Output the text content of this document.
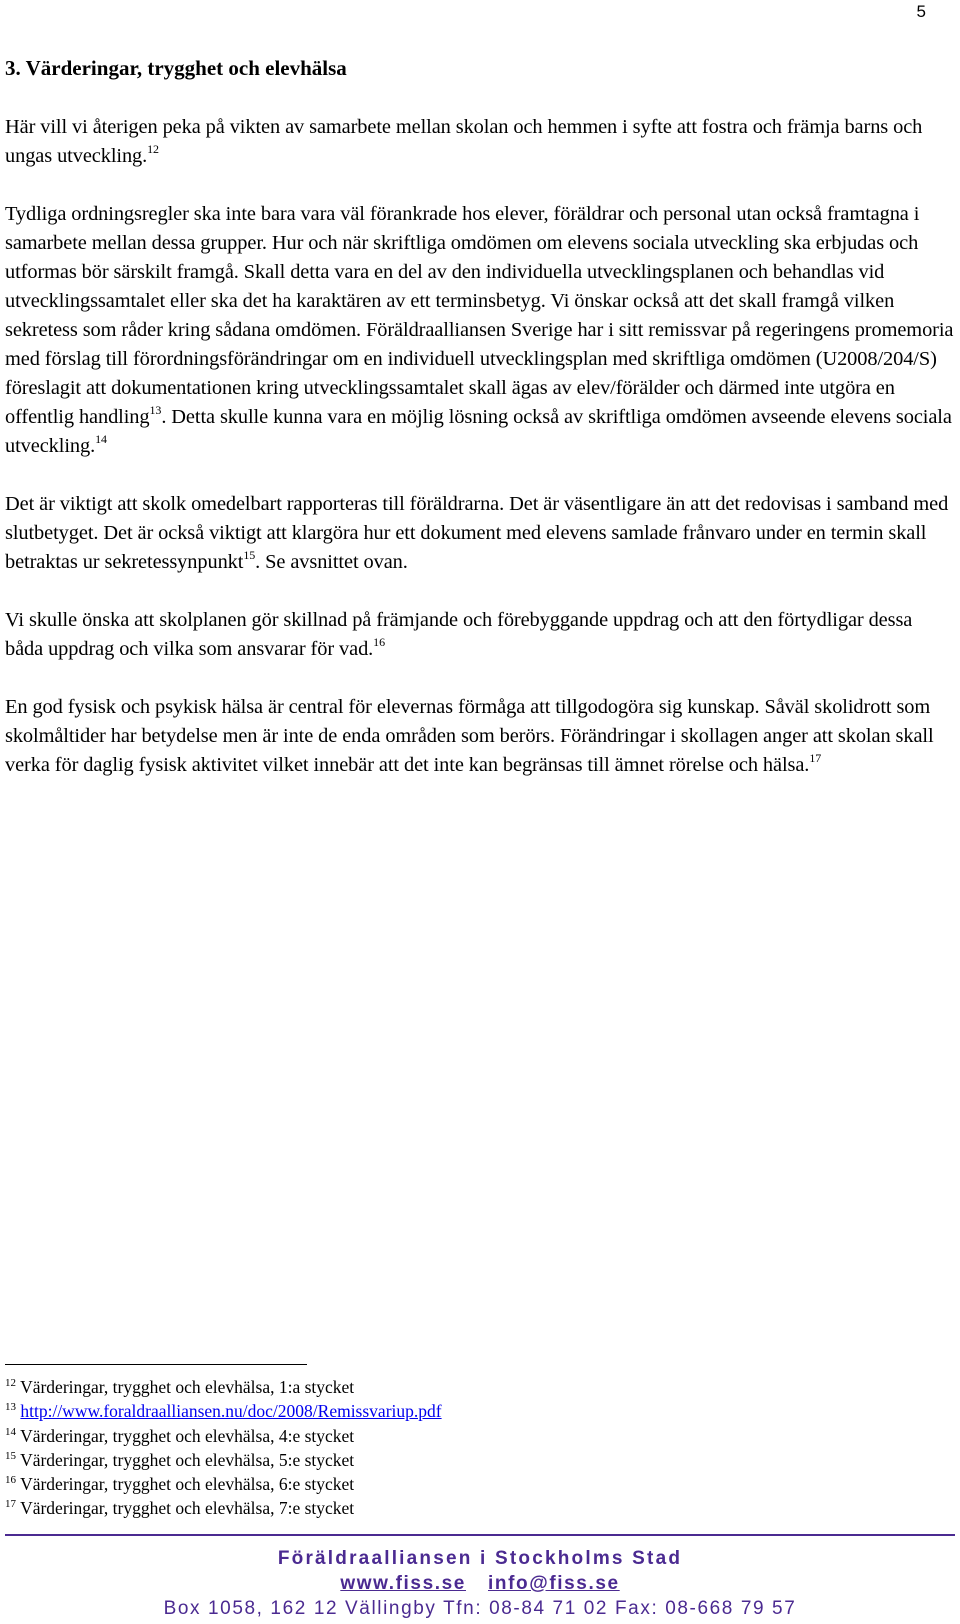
5
3. Värderingar, trygghet och elevhälsa

Här vill vi återigen peka på vikten av samarbete mellan skolan och hemmen i syfte att fostra och främja barns och ungas utveckling.$^{12}$

Tydliga ordningsregler ska inte bara vara väl förankrade hos elever, föräldrar och personal utan också framtagna i samarbete mellan dessa grupper. Hur och när skriftliga omdömen om elevens sociala utveckling ska erbjudas och utformas bör särskilt framgå. Skall detta vara en del av den individuella utvecklingsplanen och behandlas vid utvecklingssamtalet eller ska det ha karaktären av ett terminsbetyg. Vi önskar också att det skall framgå vilken sekretess som råder kring sådana omdömen. Föräldraalliansen Sverige har i sitt remissvar på regeringens promemoria med förslag till förordningsförändringar om en individuell utvecklingsplan med skriftliga omdömen (U2008/204/S) föreslagit att dokumentationen kring utvecklingssamtalet skall ägas av elev/förälder och därmed inte utgöra en offentlig handling$^{13}$. Detta skulle kunna vara en möjlig lösning också av skriftliga omdömen avseende elevens sociala utveckling.$^{14}$

Det är viktigt att skolk omedelbart rapporteras till föräldrarna. Det är väsentligare än att det redovisas i samband med slutbetyget. Det är också viktigt att klargöra hur ett dokument med elevens samlade frånvaro under en termin skall betraktas ur sekretessynpunkt$^{15}$. Se avsnittet ovan.

Vi skulle önska att skolplanen gör skillnad på främjande och förebyggande uppdrag och att den förtydligar dessa båda uppdrag och vilka som ansvarar för vad.$^{16}$

En god fysisk och psykisk hälsa är central för elevernas förmåga att tillgodogöra sig kunskap. Såväl skolidrott som skolmåltider har betydelse men är inte de enda områden som berörs. Förändringar i skollagen anger att skolan skall verka för daglig fysisk aktivitet vilket innebär att det inte kan begränsas till ämnet rörelse och hälsa.$^{17}$

$^{12}$ Värderingar, trygghet och elevhälsa, 1:a stycket
$^{13}$ http://www.foraldraalliansen.nu/doc/2008/Remissvariup.pdf
$^{14}$ Värderingar, trygghet och elevhälsa, 4:e stycket
$^{15}$ Värderingar, trygghet och elevhälsa, 5:e stycket
$^{16}$ Värderingar, trygghet och elevhälsa, 6:e stycket
$^{17}$ Värderingar, trygghet och elevhälsa, 7:e stycket
Föräldraalliansen i Stockholms Stad
www.fiss.se info@fiss.se
Box 1058, 162 12 Vällingby Tfn: 08-84 71 02 Fax: 08-668 79 57
